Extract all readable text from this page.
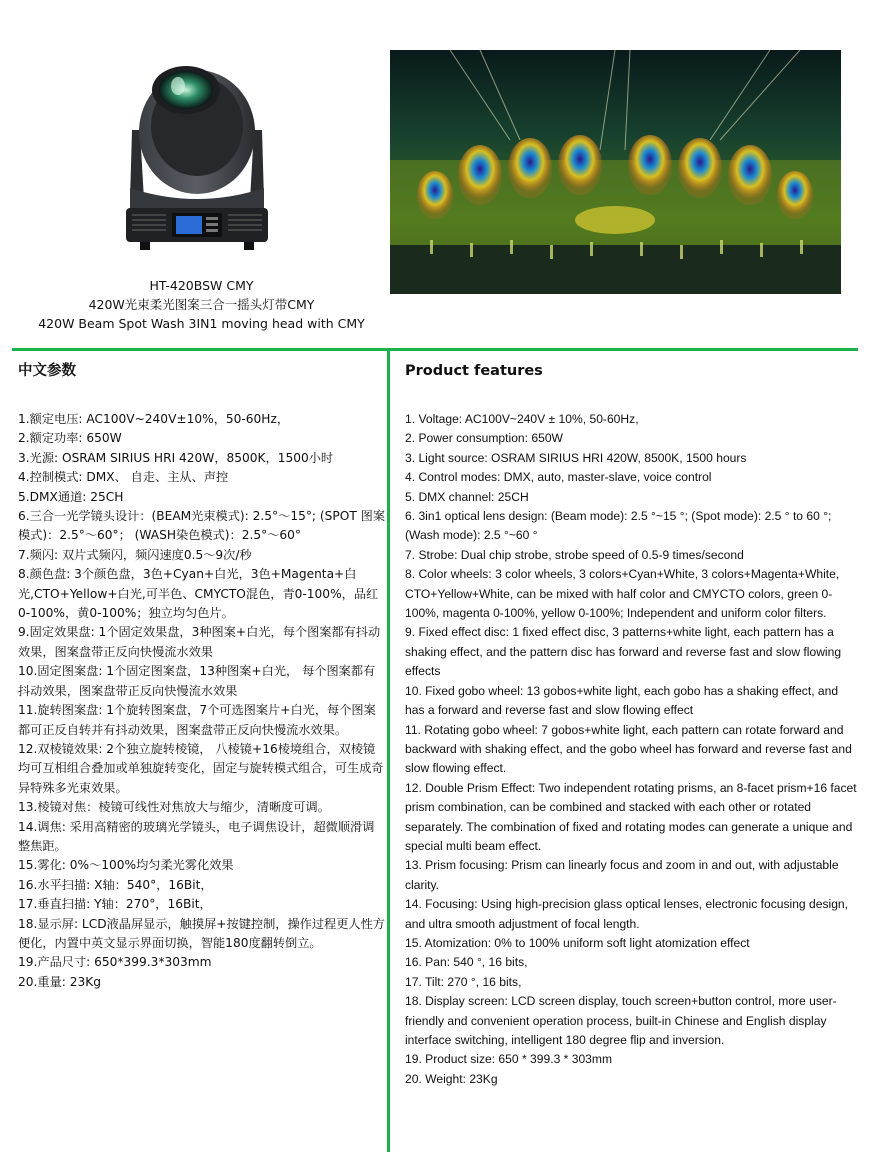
HT-420BSW CMY
420W光束柔光图案三合一摇头灯带CMY
420W Beam Spot Wash 3IN1 moving head with CMY
中文参数
1.额定电压: AC100V~240V±10%，50-60Hz，
2.额定功率: 650W
3.光源: OSRAM SIRIUS HRI 420W，8500K，1500小时
4.控制模式: DMX、 自走、主从、声控
5.DMX通道: 25CH
6.三合一光学镜头设计：(BEAM光束模式): 2.5°～15°; (SPOT 图案模式)：2.5°～60°； (WASH染色模式)：2.5°～60°
7.频闪: 双片式频闪，频闪速度0.5～9次/秒
8.颜色盘: 3个颜色盘，3色+Cyan+白光，3色+Magenta+白光,CTO+Yellow+白光,可半色、CMYCTO混色，青0-100%，品红0-100%，黄0-100%；独立均匀色片。
9.固定效果盘: 1个固定效果盘，3种图案+白光，每个图案都有抖动效果，图案盘带正反向快慢流水效果
10.固定图案盘: 1个固定图案盘，13种图案+白光， 每个图案都有抖动效果，图案盘带正反向快慢流水效果
11.旋转图案盘: 1个旋转图案盘，7个可选图案片+白光，每个图案都可正反自转并有抖动效果，图案盘带正反向快慢流水效果。
12.双棱镜效果: 2个独立旋转棱镜， 八棱镜+16棱境组合，双棱镜均可互相组合叠加或单独旋转变化，固定与旋转模式组合，可生成奇异特殊多光束效果。
13.棱镜对焦：棱镜可线性对焦放大与缩少，清晰度可调。
14.调焦: 采用高精密的玻璃光学镜头，电子调焦设计，超微顺滑调整焦距。
15.雾化: 0%～100%均匀柔光雾化效果
16.水平扫描: X轴：540°，16Bit，
17.垂直扫描: Y轴：270°，16Bit，
18.显示屏: LCD液晶屏显示，触摸屏+按键控制，操作过程更人性方便化，内置中英文显示界面切换，智能180度翻转倒立。
19.产品尺寸: 650*399.3*303mm
20.重量: 23Kg
Product features
1. Voltage: AC100V~240V ± 10%, 50-60Hz,
2. Power consumption: 650W
3. Light source: OSRAM SIRIUS HRI 420W, 8500K, 1500 hours
4. Control modes: DMX, auto, master-slave, voice control
5. DMX channel: 25CH
6. 3in1 optical lens design: (Beam mode): 2.5 °~15 °; (Spot mode): 2.5 ° to 60 °; (Wash mode): 2.5 °~60 °
7. Strobe: Dual chip strobe, strobe speed of 0.5-9 times/second
8. Color wheels: 3 color wheels, 3 colors+Cyan+White, 3 colors+Magenta+White, CTO+Yellow+White, can be mixed with half color and CMYCTO colors, green 0-100%, magenta 0-100%, yellow 0-100%; Independent and uniform color filters.
9. Fixed effect disc: 1 fixed effect disc, 3 patterns+white light, each pattern has a shaking effect, and the pattern disc has forward and reverse fast and slow flowing effects
10. Fixed gobo wheel: 13 gobos+white light, each gobo has a shaking effect, and has a forward and reverse fast and slow flowing effect
11. Rotating gobo wheel: 7 gobos+white light, each pattern can rotate forward and backward with shaking effect, and the gobo wheel has forward and reverse fast and slow flowing effect.
12. Double Prism Effect: Two independent rotating prisms, an 8-facet prism+16 facet prism combination, can be combined and stacked with each other or rotated separately. The combination of fixed and rotating modes can generate a unique and special multi beam effect.
13. Prism focusing: Prism can linearly focus and zoom in and out, with adjustable clarity.
14. Focusing: Using high-precision glass optical lenses, electronic focusing design, and ultra smooth adjustment of focal length.
15. Atomization: 0% to 100% uniform soft light atomization effect
16. Pan: 540 °, 16 bits,
17. Tilt: 270 °, 16 bits,
18. Display screen: LCD screen display, touch screen+button control, more user-friendly and convenient operation process, built-in Chinese and English display interface switching, intelligent 180 degree flip and inversion.
19. Product size: 650 * 399.3 * 303mm
20. Weight: 23Kg
